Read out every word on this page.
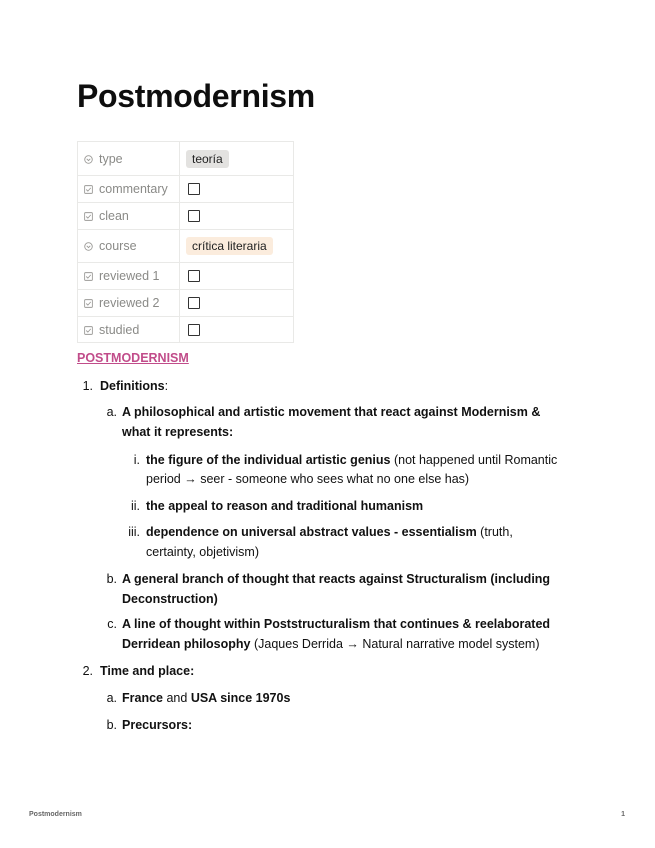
Postmodernism
type	teoría
commentary	
clean	
course	crítica literaria
reviewed 1	
reviewed 2	
studied	
POSTMODERNISM
1. Definitions:
a. A philosophical and artistic movement that react against Modernism &
what it represents:
i. the figure of the individual artistic genius (not happened until Romantic
period → seer - someone who sees what no one else has)
ii. the appeal to reason and traditional humanism
iii. dependence on universal abstract values - essentialism (truth,
certainty, objetivism)
b. A general branch of thought that reacts against Structuralism (including
Deconstruction)
c. A line of thought within Poststructuralism that continues & reelaborated
Derridean philosophy (Jaques Derrida → Natural narrative model system)
2. Time and place:
a. France and USA since 1970s
b. Precursors:
Postmodernism	1
